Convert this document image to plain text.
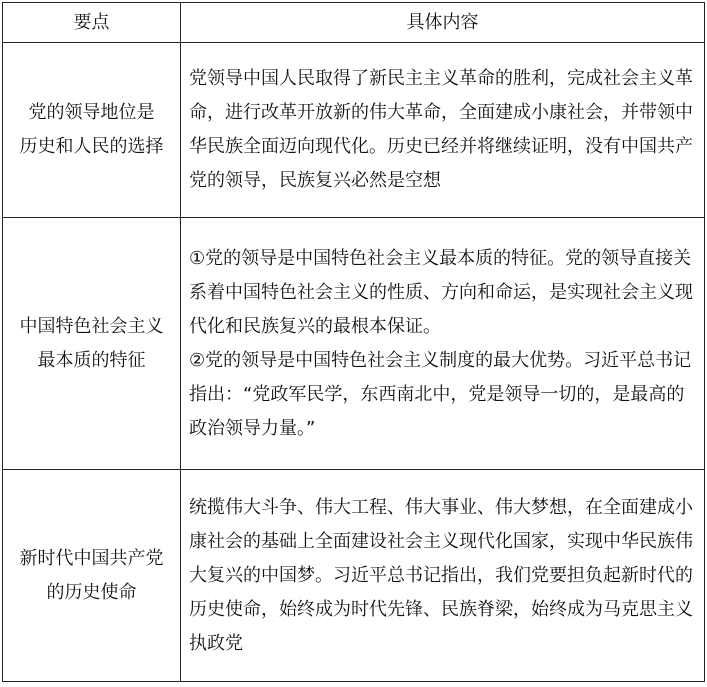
要点	具体内容

党的领导地位是
历史和人民的选择	党领导中国人民取得了新民主主义革命的胜利，完成社会主义革命，进行改革开放新的伟大革命，全面建成小康社会，并带领中华民族全面迈向现代化。历史已经并将继续证明，没有中国共产党的领导，民族复兴必然是空想

中国特色社会主义
最本质的特征	①党的领导是中国特色社会主义最本质的特征。党的领导直接关系着中国特色社会主义的性质、方向和命运，是实现社会主义现代化和民族复兴的最根本保证。
②党的领导是中国特色社会主义制度的最大优势。习近平总书记指出：“党政军民学，东西南北中，党是领导一切的，是最高的政治领导力量。”

新时代中国共产党
的历史使命	统揽伟大斗争、伟大工程、伟大事业、伟大梦想，在全面建成小康社会的基础上全面建设社会主义现代化国家，实现中华民族伟大复兴的中国梦。习近平总书记指出，我们党要担负起新时代的历史使命，始终成为时代先锋、民族脊梁，始终成为马克思主义执政党
